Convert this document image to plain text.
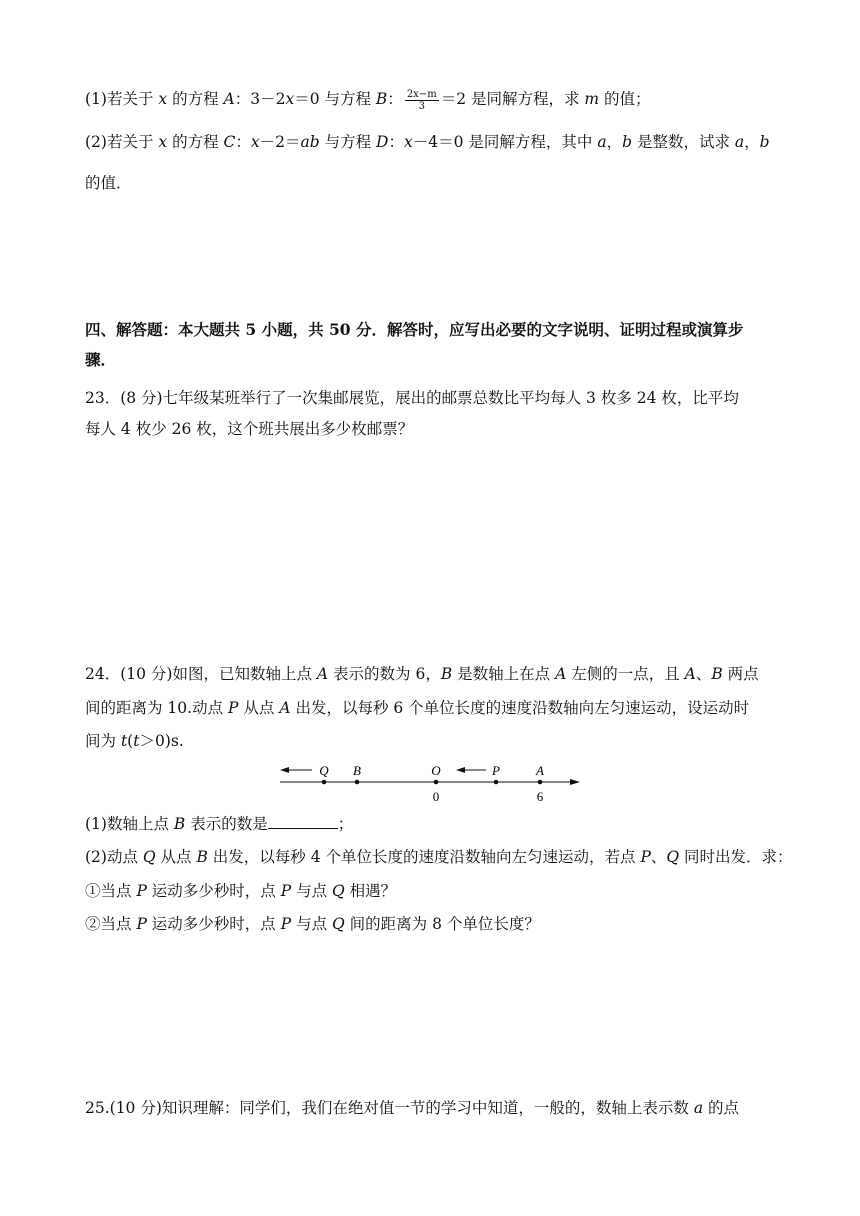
(1)若关于 x 的方程 A：3－2x＝0 与方程 B： $\frac{2x-m}{3} =2$ 是同解方程，求 m 的值；
(2)若关于 x 的方程 C：x－2＝ab 与方程 D：x－4＝0 是同解方程，其中 a，b 是整数，试求 a，b
的值．
四、解答题：本大题共 5 小题，共 50 分．解答时，应写出必要的文字说明、证明过程或演算步
骤．
23．(8 分)七年级某班举行了一次集邮展览，展出的邮票总数比平均每人 3 枚多 24 枚，比平均
每人 4 枚少 26 枚，这个班共展出多少枚邮票？
24．(10 分)如图，已知数轴上点 A 表示的数为 6，B 是数轴上在点 A 左侧的一点，且 A、B 两点
间的距离为 10.动点 P 从点 A 出发，以每秒 6 个单位长度的速度沿数轴向左匀速运动，设运动时
间为 t(t＞0)s.
Q B	O	P	A
0	6
(1)数轴上点 B 表示的数是	；
(2)动点 Q 从点 B 出发，以每秒 4 个单位长度的速度沿数轴向左匀速运动，若点 P、Q 同时出发．求：
①当点 P 运动多少秒时，点 P 与点 Q 相遇？
②当点 P 运动多少秒时，点 P 与点 Q 间的距离为 8 个单位长度？
25.(10 分)知识理解：同学们，我们在绝对值一节的学习中知道，一般的，数轴上表示数 a 的点
